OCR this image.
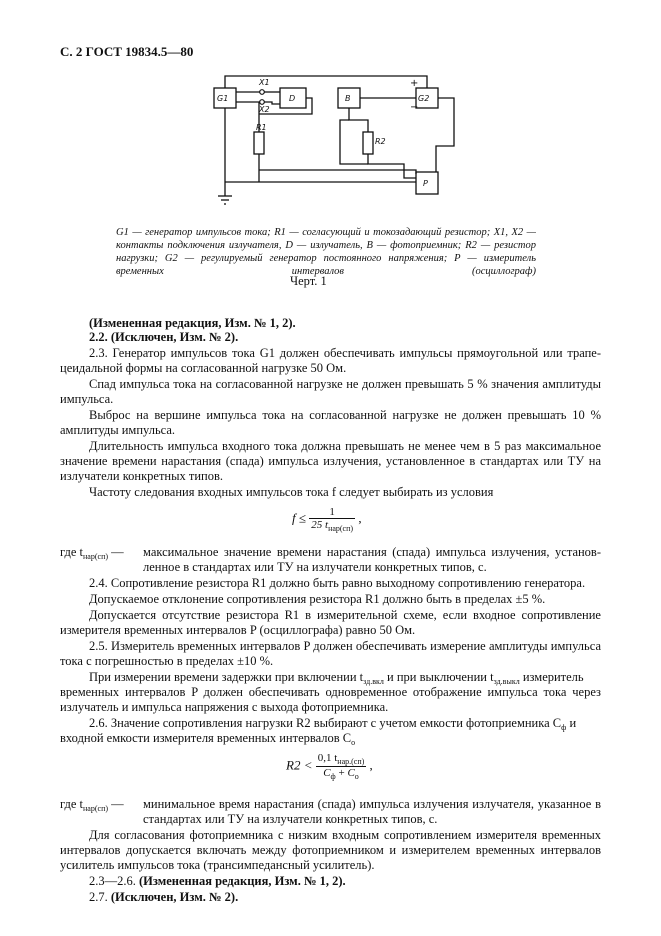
С. 2 ГОСТ 19834.5—80
G1	D	B	G2
P
R1
R2
X1
X2
+
−
G1 — генератор импульсов тока; R1 — согласующий и токозадающий резистор; X1, X2 — контакты подключения излучателя, D — излучатель, B — фотоприемник; R2 — резистор нагрузки; G2 — регулируемый генератор постоянного напряжения; P — измеритель временных интервалов (осциллограф)
Черт. 1
(Измененная редакция, Изм. № 1, 2).
2.2. (Исключен, Изм. № 2).
2.3. Генератор импульсов тока G1 должен обеспечивать импульсы прямоугольной или трапе-
цеидальной формы на согласованной нагрузке 50 Ом.
Спад импульса тока на согласованной нагрузке не должен превышать 5 % значения амплитуды
импульса.
Выброс на вершине импульса тока на согласованной нагрузке не должен превышать 10 %
амплитуды импульса.
Длительность импульса входного тока должна превышать не менее чем в 5 раз максимальное
значение времени нарастания (спада) импульса излучения, установленное в стандартах или ТУ на
излучатели конкретных типов.
Частоту следования входных импульсов тока f следует выбирать из условия
$f \le \frac{1}{25 t_{нар(сп)}}$ ,
где $t_{нар(сп)}$ — максимальное значение времени нарастания (спада) импульса излучения, установ-
ленное в стандартах или ТУ на излучатели конкретных типов, с.
2.4. Сопротивление резистора R1 должно быть равно выходному сопротивлению генератора.
Допускаемое отклонение сопротивления резистора R1 должно быть в пределах ±5 %.
Допускается отсутствие резистора R1 в измерительной схеме, если входное сопротивление
измерителя временных интервалов P (осциллографа) равно 50 Ом.
2.5. Измеритель временных интервалов P должен обеспечивать измерение амплитуды импульса
тока с погрешностью в пределах ±10 %.
При измерении времени задержки при включении $t_{зд.вкл}$ и при выключении $t_{зд.выкл}$ измеритель
временных интервалов P должен обеспечивать одновременное отображение импульса тока через
излучатель и импульса напряжения с выхода фотоприемника.
2.6. Значение сопротивления нагрузки R2 выбирают с учетом емкости фотоприемника $C_ф$ и
входной емкости измерителя временных интервалов $C_о$
$R2 < \frac{0,1 t_{нар.(сп)}}{C_ф + C_о}$ ,
где $t_{нар(сп)}$ — минимальное время нарастания (спада) импульса излучения излучателя, указанное в
стандартах или ТУ на излучатели конкретных типов, с.
Для согласования фотоприемника с низким входным сопротивлением измерителя временных
интервалов допускается включать между фотоприемником и измерителем временных интервалов
усилитель импульсов тока (трансимпедансный усилитель).
2.3—2.6. (Измененная редакция, Изм. № 1, 2).
2.7. (Исключен, Изм. № 2).
